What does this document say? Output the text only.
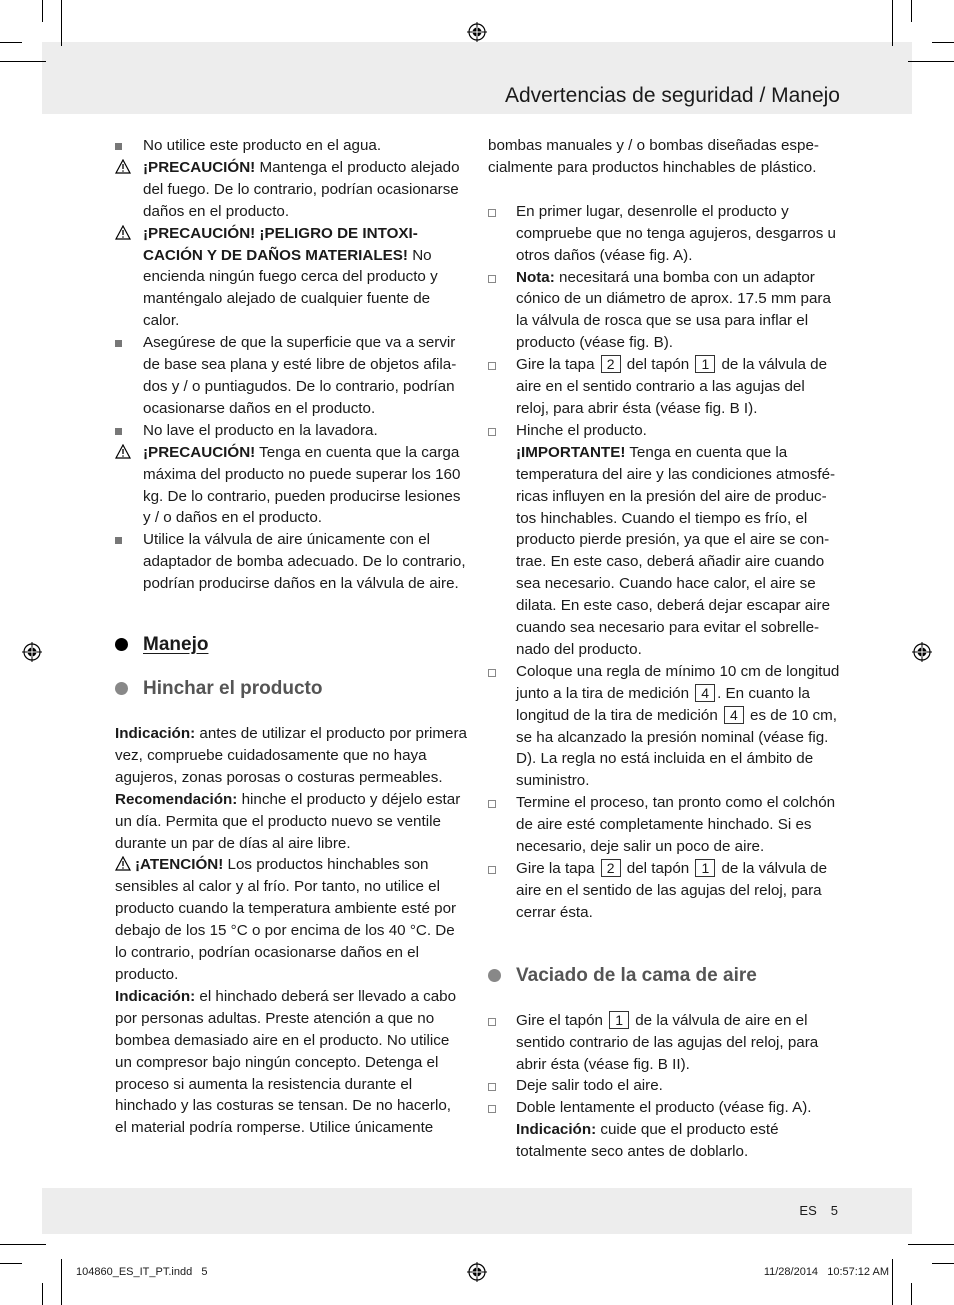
Advertencias de seguridad / Manejo
No utilice este producto en el agua.
¡PRECAUCIÓN! Mantenga el producto alejado del fuego. De lo contrario, podrían ocasionarse daños en el producto.
¡PRECAUCIÓN! ¡PELIGRO DE INTOXICACIÓN Y DE DAÑOS MATERIALES! No encienda ningún fuego cerca del producto y manténgalo alejado de cualquier fuente de calor.
Asegúrese de que la superficie que va a servir de base sea plana y esté libre de objetos afilados y / o puntiagudos. De lo contrario, podrían ocasionarse daños en el producto.
No lave el producto en la lavadora.
¡PRECAUCIÓN! Tenga en cuenta que la carga máxima del producto no puede superar los 160 kg. De lo contrario, pueden producirse lesiones y / o daños en el producto.
Utilice la válvula de aire únicamente con el adaptador de bomba adecuado. De lo contrario, podrían producirse daños en la válvula de aire.
Manejo
Hinchar el producto
Indicación: antes de utilizar el producto por primera vez, compruebe cuidadosamente que no haya agujeros, zonas porosas o costuras permeables.
Recomendación: hinche el producto y déjelo estar un día. Permita que el producto nuevo se ventile durante un par de días al aire libre.
¡ATENCIÓN! Los productos hinchables son sensibles al calor y al frío. Por tanto, no utilice el producto cuando la temperatura ambiente esté por debajo de los 15 °C o por encima de los 40 °C. De lo contrario, podrían ocasionarse daños en el producto.
Indicación: el hinchado deberá ser llevado a cabo por personas adultas. Preste atención a que no bombea demasiado aire en el producto. No utilice un compresor bajo ningún concepto. Detenga el proceso si aumenta la resistencia durante el hinchado y las costuras se tensan. De no hacerlo, el material podría romperse. Utilice únicamente
bombas manuales y / o bombas diseñadas especialmente para productos hinchables de plástico.
En primer lugar, desenrolle el producto y compruebe que no tenga agujeros, desgarros u otros daños (véase fig. A).
Nota: necesitará una bomba con un adaptor cónico de un diámetro de aprox. 17.5 mm para la válvula de rosca que se usa para inflar el producto (véase fig. B).
Gire la tapa 2 del tapón 1 de la válvula de aire en el sentido contrario a las agujas del reloj, para abrir ésta (véase fig. B I).
Hinche el producto.
¡IMPORTANTE! Tenga en cuenta que la temperatura del aire y las condiciones atmosféricas influyen en la presión del aire de productos hinchables. Cuando el tiempo es frío, el producto pierde presión, ya que el aire se contrae. En este caso, deberá añadir aire cuando sea necesario. Cuando hace calor, el aire se dilata. En este caso, deberá dejar escapar aire cuando sea necesario para evitar el sobrellenado del producto.
Coloque una regla de mínimo 10 cm de longitud junto a la tira de medición 4 . En cuanto la longitud de la tira de medición 4 es de 10 cm, se ha alcanzado la presión nominal (véase fig. D). La regla no está incluida en el ámbito de suministro.
Termine el proceso, tan pronto como el colchón de aire esté completamente hinchado. Si es necesario, deje salir un poco de aire.
Gire la tapa 2 del tapón 1 de la válvula de aire en el sentido de las agujas del reloj, para cerrar ésta.
Vaciado de la cama de aire
Gire el tapón 1 de la válvula de aire en el sentido contrario de las agujas del reloj, para abrir ésta (véase fig. B II).
Deje salir todo el aire.
Doble lentamente el producto (véase fig. A).
Indicación: cuide que el producto esté totalmente seco antes de doblarlo.
ES 5
104860_ES_IT_PT.indd   5	11/28/2014   10:57:12 AM
